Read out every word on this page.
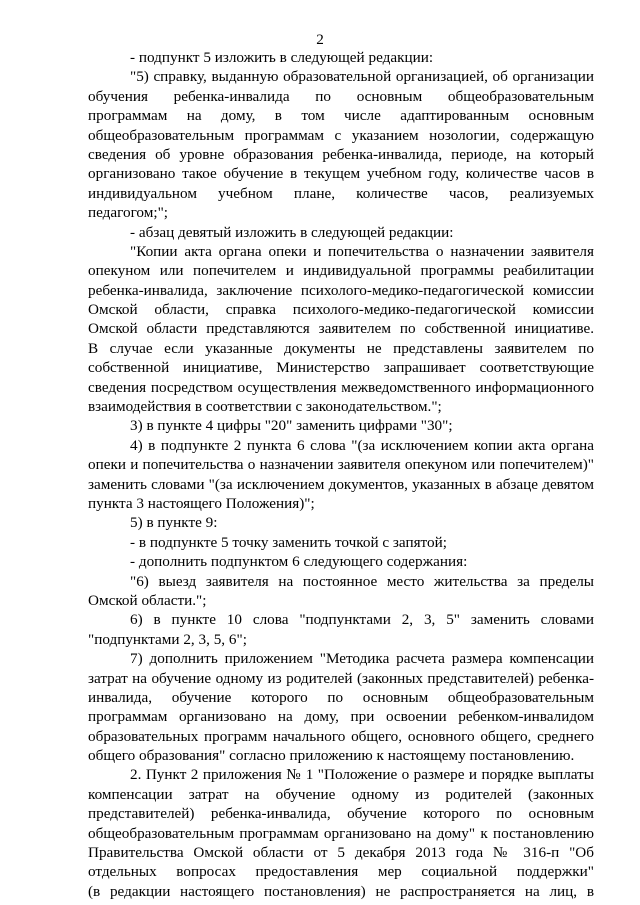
2
- подпункт 5 изложить в следующей редакции:
"5) справку, выданную образовательной организацией, об организации
обучения ребенка-инвалида по основным общеобразовательным
программам на дому, в том числе адаптированным основным
общеобразовательным программам с указанием нозологии, содержащую
сведения об уровне образования ребенка-инвалида, периоде, на который
организовано такое обучение в текущем учебном году, количестве часов в
индивидуальном учебном плане, количестве часов, реализуемых
педагогом;";
- абзац девятый изложить в следующей редакции:
"Копии акта органа опеки и попечительства о назначении заявителя
опекуном или попечителем и индивидуальной программы реабилитации
ребенка-инвалида, заключение психолого-медико-педагогической комиссии
Омской области, справка психолого-медико-педагогической комиссии
Омской области представляются заявителем по собственной инициативе.
В случае если указанные документы не представлены заявителем по
собственной инициативе, Министерство запрашивает соответствующие
сведения посредством осуществления межведомственного информационного
взаимодействия в соответствии с законодательством.";
3) в пункте 4 цифры "20" заменить цифрами "30";
4) в подпункте 2 пункта 6 слова "(за исключением копии акта органа
опеки и попечительства о назначении заявителя опекуном или попечителем)"
заменить словами "(за исключением документов, указанных в абзаце девятом
пункта 3 настоящего Положения)";
5) в пункте 9:
- в подпункте 5 точку заменить точкой с запятой;
- дополнить подпунктом 6 следующего содержания:
"6) выезд заявителя на постоянное место жительства за пределы
Омской области.";
6) в пункте 10 слова "подпунктами 2, 3, 5" заменить словами
"подпунктами 2, 3, 5, 6";
7) дополнить приложением "Методика расчета размера компенсации
затрат на обучение одному из родителей (законных представителей) ребенка-
инвалида, обучение которого по основным общеобразовательным
программам организовано на дому, при освоении ребенком-инвалидом
образовательных программ начального общего, основного общего, среднего
общего образования" согласно приложению к настоящему постановлению.
2. Пункт 2 приложения № 1 "Положение о размере и порядке выплаты
компенсации затрат на обучение одному из родителей (законных
представителей) ребенка-инвалида, обучение которого по основным
общеобразовательным программам организовано на дому" к постановлению
Правительства Омской области от 5 декабря 2013 года № 316-п "Об
отдельных вопросах предоставления мер социальной поддержки"
(в редакции настоящего постановления) не распространяется на лиц, в
